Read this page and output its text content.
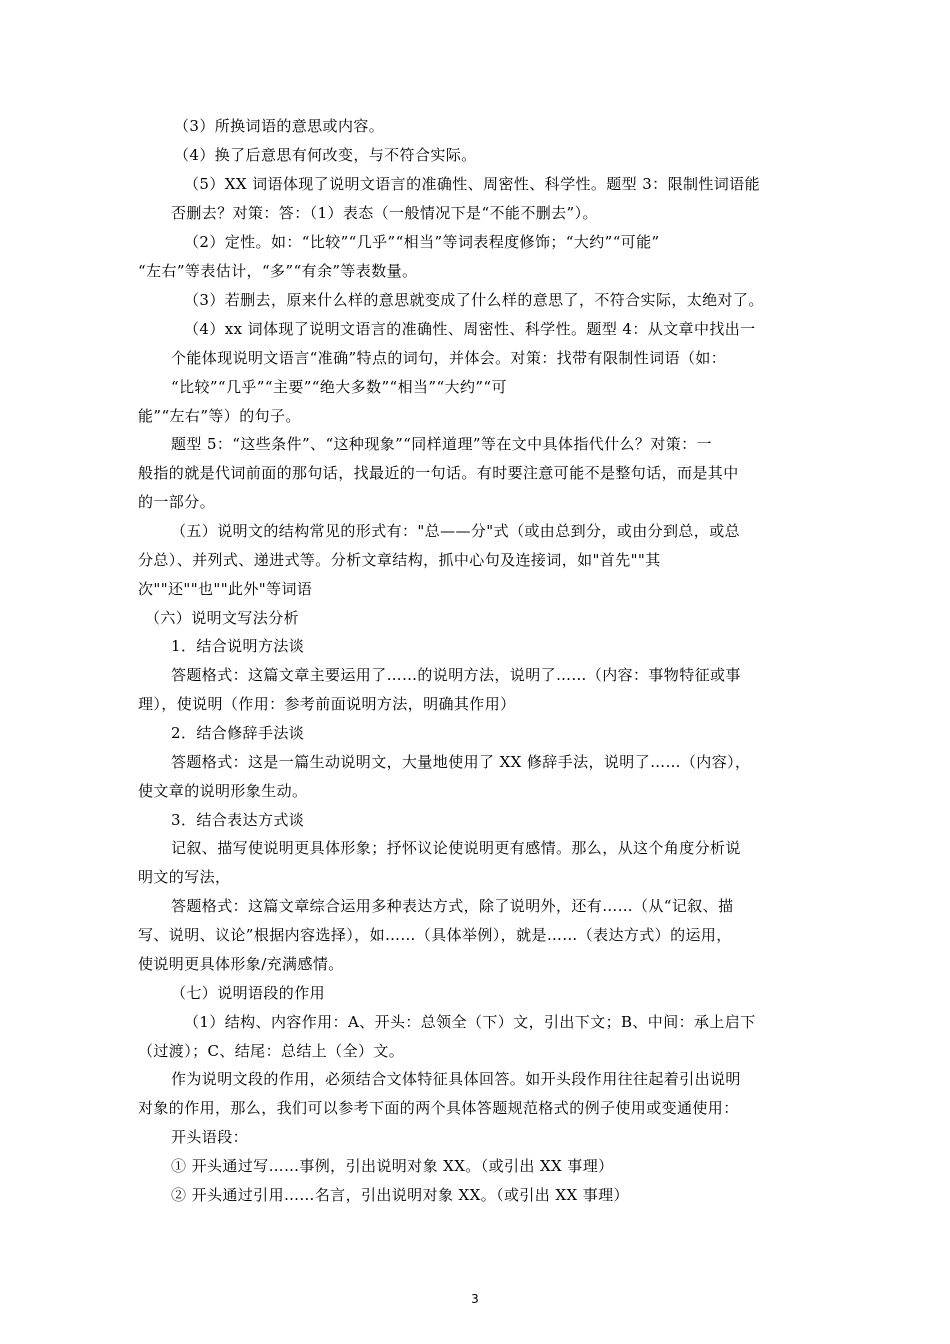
（3）所换词语的意思或内容。
（4）换了后意思有何改变，与不符合实际。
（5）XX 词语体现了说明文语言的准确性、周密性、科学性。题型 3：限制性词语能
否删去？对策：答：（1）表态（一般情况下是“不能不删去”）。
（2）定性。如：“比较”“几乎”“相当”等词表程度修饰；“大约”“可能”
“左右”等表估计，“多”“有余”等表数量。
（3）若删去，原来什么样的意思就变成了什么样的意思了，不符合实际，太绝对了。
（4）xx 词体现了说明文语言的准确性、周密性、科学性。题型 4：从文章中找出一
个能体现说明文语言“准确”特点的词句，并体会。对策：找带有限制性词语（如：
“比较”“几乎”“主要”“绝大多数”“相当”“大约”“可
能”“左右”等）的句子。
题型 5：“这些条件”、“这种现象”“同样道理”等在文中具体指代什么？对策：一
般指的就是代词前面的那句话，找最近的一句话。有时要注意可能不是整句话，而是其中
的一部分。
（五）说明文的结构常见的形式有："总——分"式（或由总到分，或由分到总，或总
分总）、并列式、递进式等。分析文章结构，抓中心句及连接词，如"首先""其
次""还""也""此外"等词语
（六）说明文写法分析
1．结合说明方法谈
答题格式：这篇文章主要运用了……的说明方法，说明了……（内容：事物特征或事
理），使说明（作用：参考前面说明方法，明确其作用）
2．结合修辞手法谈
答题格式：这是一篇生动说明文，大量地使用了 XX 修辞手法，说明了……（内容），
使文章的说明形象生动。
3．结合表达方式谈
记叙、描写使说明更具体形象；抒怀议论使说明更有感情。那么，从这个角度分析说
明文的写法，
答题格式：这篇文章综合运用多种表达方式，除了说明外，还有……（从“记叙、描
写、说明、议论”根据内容选择），如……（具体举例），就是……（表达方式）的运用，
使说明更具体形象/充满感情。
（七）说明语段的作用
（1）结构、内容作用：A、开头：总领全（下）文，引出下文；B、中间：承上启下
（过渡）；C、结尾：总结上（全）文。
作为说明文段的作用，必须结合文体特征具体回答。如开头段作用往往起着引出说明
对象的作用，那么，我们可以参考下面的两个具体答题规范格式的例子使用或变通使用：
开头语段：
① 开头通过写……事例，引出说明对象 XX。（或引出 XX 事理）
② 开头通过引用……名言，引出说明对象 XX。（或引出 XX 事理）
3
